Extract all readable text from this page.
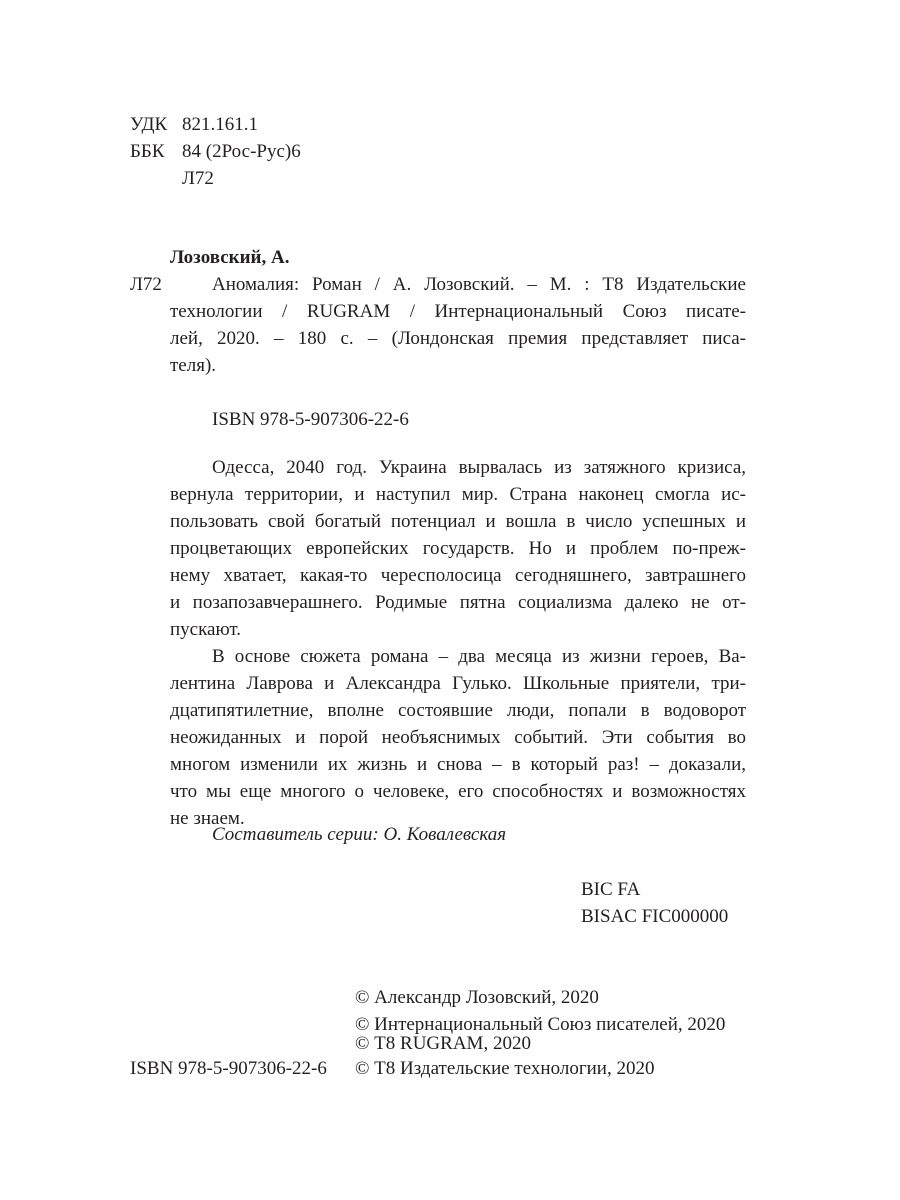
УДК 821.161.1
ББК 84 (2Рос-Рус)6
Л72
Лозовский, А.
Л72	Аномалия: Роман / А. Лозовский. – М. : Т8 Издательские
технологии / RUGRAM / Интернациональный Союз писате-
лей, 2020. – 180 с. – (Лондонская премия представляет писа-
теля).
ISBN 978-5-907306-22-6
Одесса, 2040 год. Украина вырвалась из затяжного кризиса,
вернула территории, и наступил мир. Страна наконец смогла ис-
пользовать свой богатый потенциал и вошла в число успешных и
процветающих европейских государств. Но и проблем по-преж-
нему хватает, какая-то чересполосица сегодняшнего, завтрашнего
и позапозавчерашнего. Родимые пятна социализма далеко не от-
пускают.
В основе сюжета романа – два месяца из жизни героев, Ва-
лентина Лаврова и Александра Гулько. Школьные приятели, три-
дцатипятилетние, вполне состоявшие люди, попали в водоворот
неожиданных и порой необъяснимых событий. Эти события во
многом изменили их жизнь и снова – в который раз! – доказали,
что мы еще многого о человеке, его способностях и возможностях
не знаем.
Составитель серии: О. Ковалевская
BIC FA
BISAC FIC000000
© Александр Лозовский, 2020
© Интернациональный Союз писателей, 2020
© Т8 RUGRAM, 2020
ISBN 978-5-907306-22-6 © Т8 Издательские технологии, 2020
